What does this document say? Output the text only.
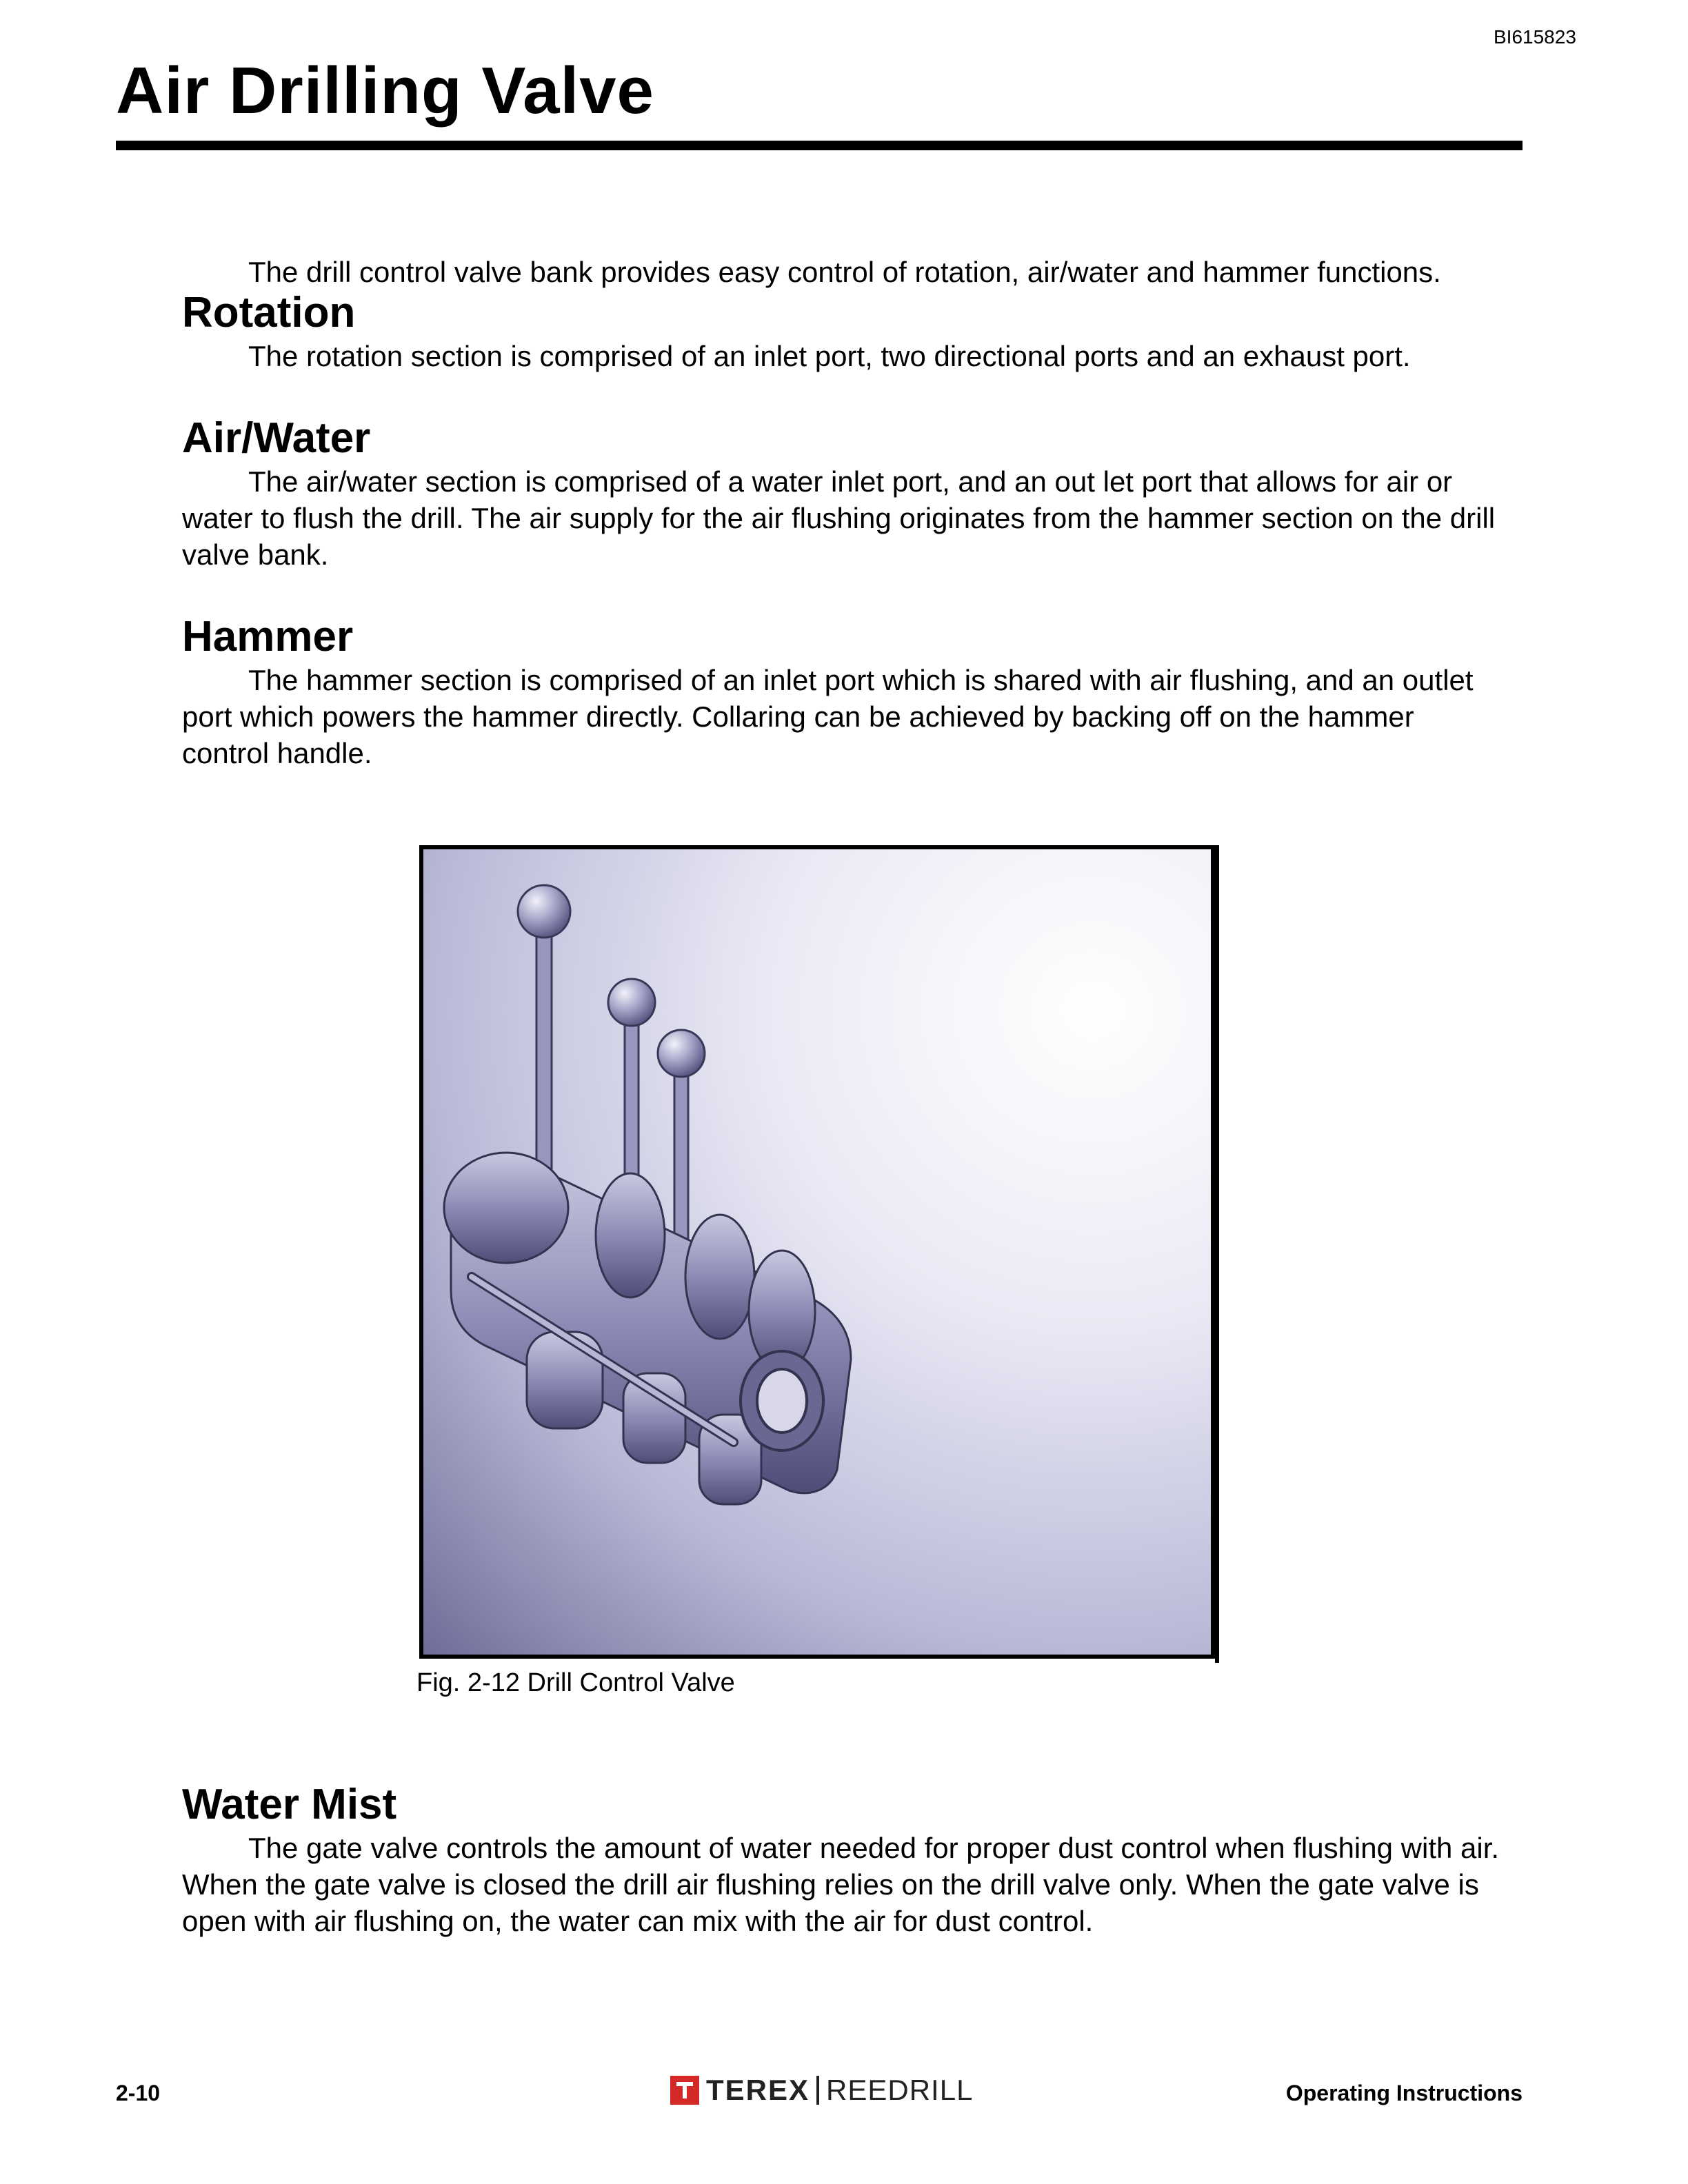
BI615823
Air Drilling Valve

The drill control valve bank provides easy control of rotation, air/water and hammer functions.

Rotation

The rotation section is comprised of an inlet port, two directional ports and an exhaust port.

Air/Water

The air/water section is comprised of a water inlet port, and an out let port that allows for air or water to flush the drill. The air supply for the air flushing originates from the hammer section on the drill valve bank.

Hammer

The hammer section is comprised of an inlet port which is shared with air flushing, and an outlet port which powers the hammer directly. Collaring can be achieved by backing off on the hammer control handle.

Fig. 2-12 Drill Control Valve
Water Mist

The gate valve controls the amount of water needed for proper dust control when flushing with air. When the gate valve is closed the drill air flushing relies on the drill valve only. When the gate valve is open with air flushing on, the water can mix with the air for dust control.

2-10	TEREX REEDRILL	Operating Instructions
